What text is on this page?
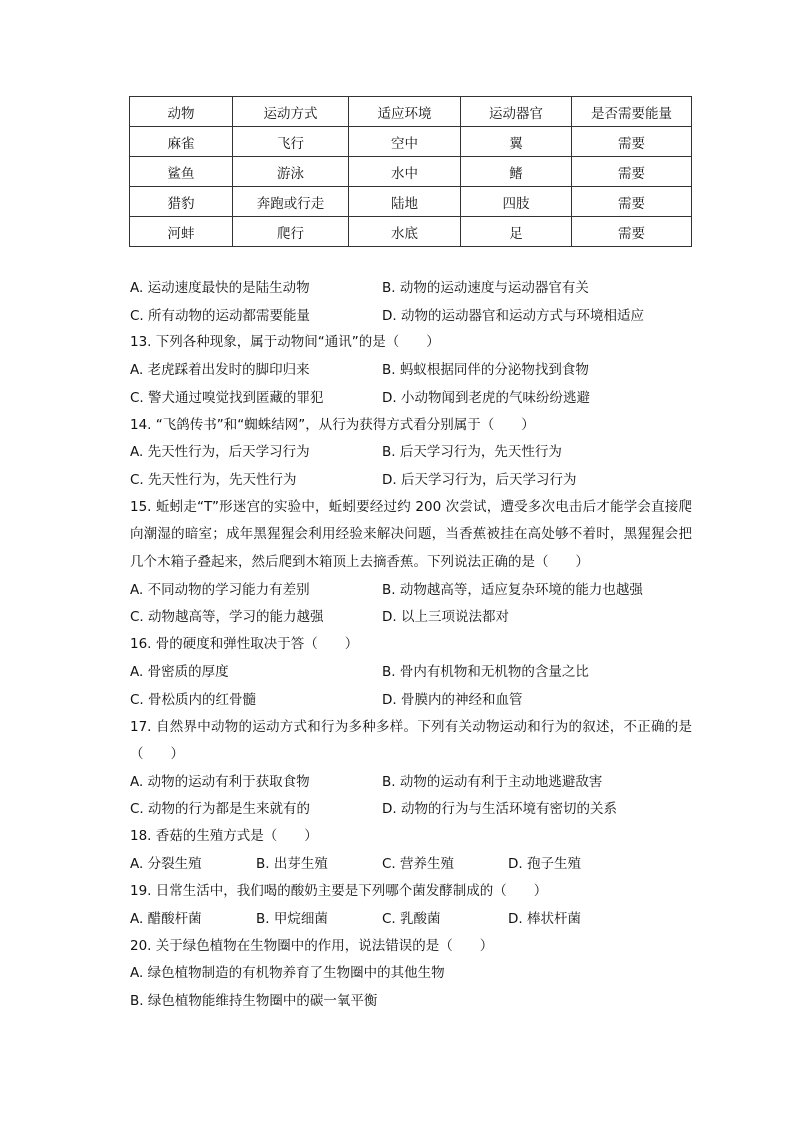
动物	运动方式	适应环境	运动器官	是否需要能量
麻雀	飞行	空中	翼	需要
鲨鱼	游泳	水中	鳍	需要
猎豹	奔跑或行走	陆地	四肢	需要
河蚌	爬行	水底	足	需要
A. 运动速度最快的是陆生动物	B. 动物的运动速度与运动器官有关
C. 所有动物的运动都需要能量	D. 动物的运动器官和运动方式与环境相适应
13. 下列各种现象，属于动物间“通讯”的是（　　）
A. 老虎踩着出发时的脚印归来	B. 蚂蚁根据同伴的分泌物找到食物
C. 警犬通过嗅觉找到匿藏的罪犯	D. 小动物闻到老虎的气味纷纷逃避
14. “飞鸽传书”和“蜘蛛结网”，从行为获得方式看分别属于（　　）
A. 先天性行为，后天学习行为	B. 后天学习行为，先天性行为
C. 先天性行为，先天性行为	D. 后天学习行为，后天学习行为
15. 蚯蚓走“T”形迷宫的实验中，蚯蚓要经过约 200 次尝试，遭受多次电击后才能学会直接爬向潮湿的暗室；成年黑猩猩会利用经验来解决问题，当香蕉被挂在高处够不着时，黑猩猩会把几个木箱子叠起来，然后爬到木箱顶上去摘香蕉。下列说法正确的是（　　）
A. 不同动物的学习能力有差别	B. 动物越高等，适应复杂环境的能力也越强
C. 动物越高等，学习的能力越强	D. 以上三项说法都对
16. 骨的硬度和弹性取决于答（　　）
A. 骨密质的厚度	B. 骨内有机物和无机物的含量之比
C. 骨松质内的红骨髓	D. 骨膜内的神经和血管
17. 自然界中动物的运动方式和行为多种多样。下列有关动物运动和行为的叙述，不正确的是（　　）
A. 动物的运动有利于获取食物	B. 动物的运动有利于主动地逃避敌害
C. 动物的行为都是生来就有的	D. 动物的行为与生活环境有密切的关系
18. 香菇的生殖方式是（　　）
A. 分裂生殖	B. 出芽生殖	C. 营养生殖	D. 孢子生殖
19. 日常生活中，我们喝的酸奶主要是下列哪个菌发酵制成的（　　）
A. 醋酸杆菌	B. 甲烷细菌	C. 乳酸菌	D. 棒状杆菌
20. 关于绿色植物在生物圈中的作用，说法错误的是（　　）
A. 绿色植物制造的有机物养育了生物圈中的其他生物
B. 绿色植物能维持生物圈中的碳一氧平衡
